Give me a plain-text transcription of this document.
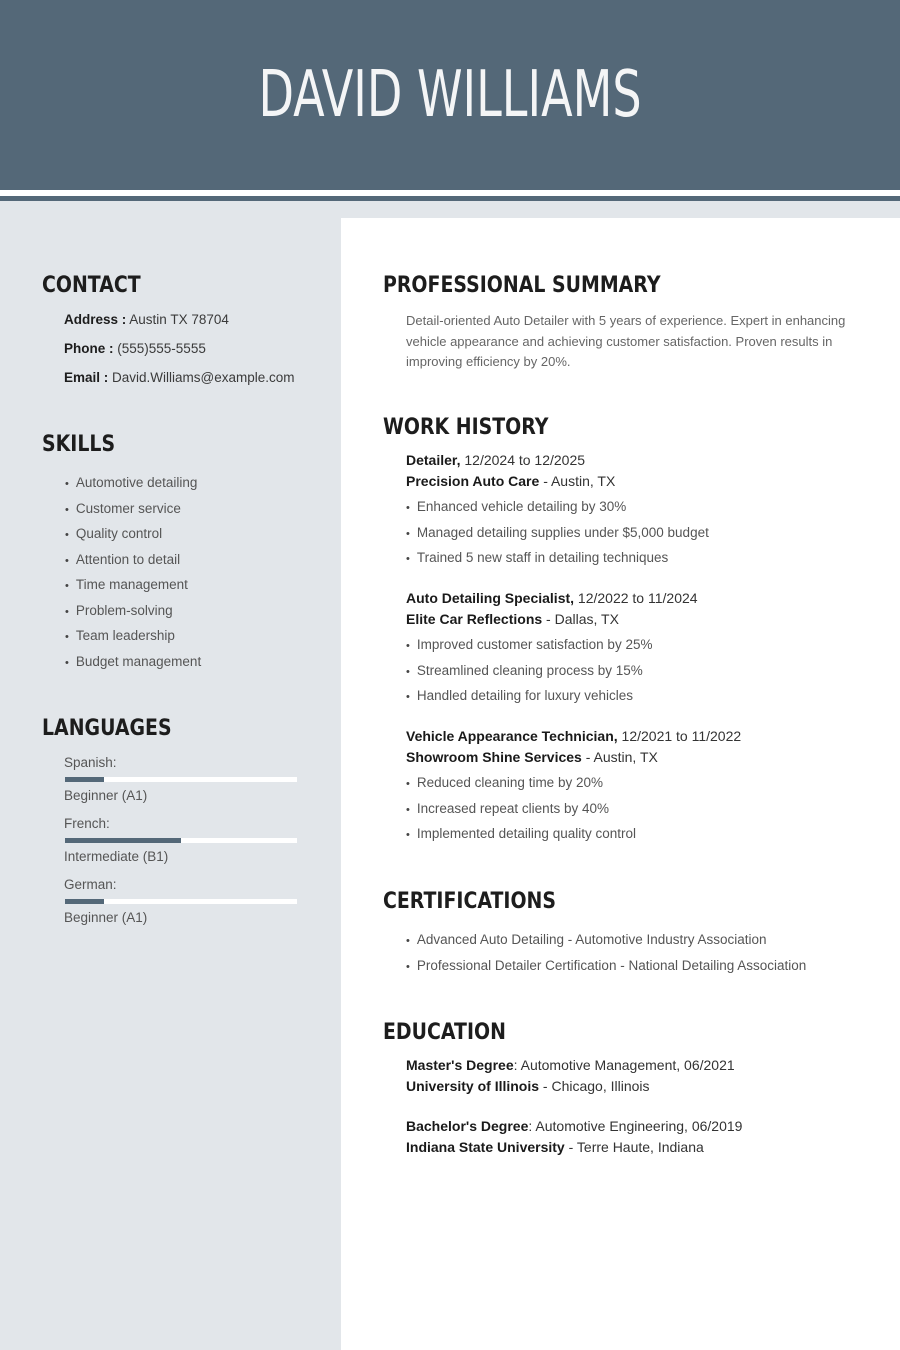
DAVID WILLIAMS
CONTACT
Address : Austin TX 78704
Phone : (555)555-5555
Email : David.Williams@example.com
SKILLS
• Automotive detailing
• Customer service
• Quality control
• Attention to detail
• Time management
• Problem-solving
• Team leadership
• Budget management
LANGUAGES
Spanish:
Beginner (A1)
French:
Intermediate (B1)
German:
Beginner (A1)
PROFESSIONAL SUMMARY
Detail-oriented Auto Detailer with 5 years of experience. Expert in enhancing vehicle appearance and achieving customer satisfaction. Proven results in improving efficiency by 20%.
WORK HISTORY
Detailer, 12/2024 to 12/2025
Precision Auto Care - Austin, TX
• Enhanced vehicle detailing by 30%
• Managed detailing supplies under $5,000 budget
• Trained 5 new staff in detailing techniques
Auto Detailing Specialist, 12/2022 to 11/2024
Elite Car Reflections - Dallas, TX
• Improved customer satisfaction by 25%
• Streamlined cleaning process by 15%
• Handled detailing for luxury vehicles
Vehicle Appearance Technician, 12/2021 to 11/2022
Showroom Shine Services - Austin, TX
• Reduced cleaning time by 20%
• Increased repeat clients by 40%
• Implemented detailing quality control
CERTIFICATIONS
• Advanced Auto Detailing - Automotive Industry Association
• Professional Detailer Certification - National Detailing Association
EDUCATION
Master's Degree: Automotive Management, 06/2021
University of Illinois - Chicago, Illinois
Bachelor's Degree: Automotive Engineering, 06/2019
Indiana State University - Terre Haute, Indiana
